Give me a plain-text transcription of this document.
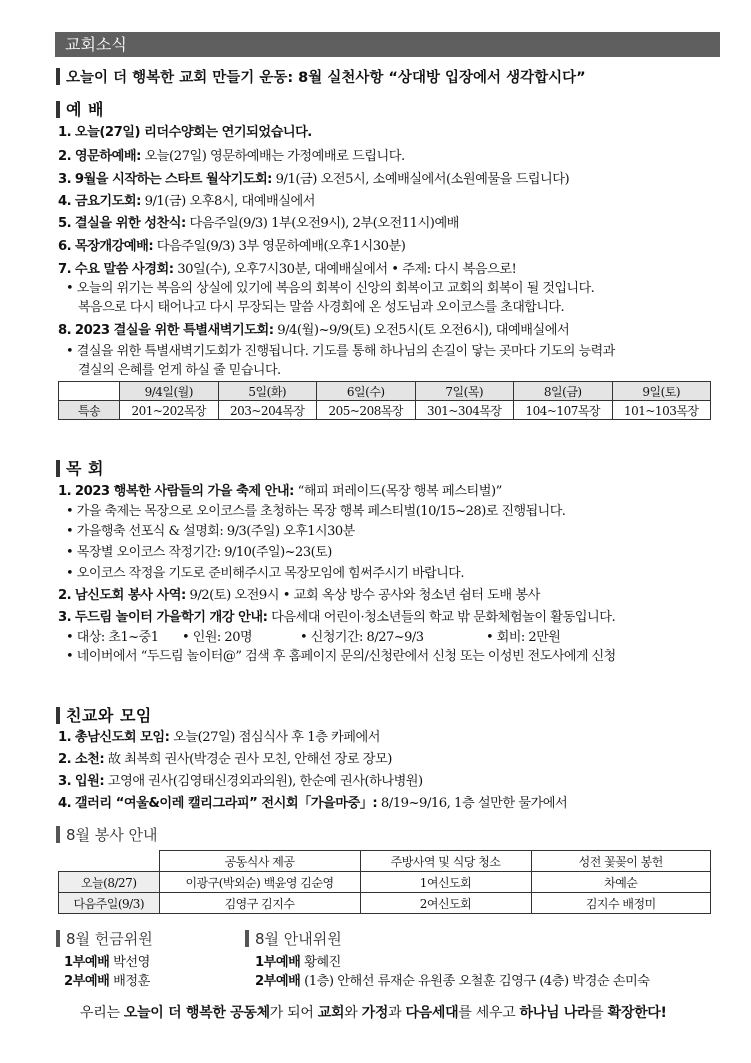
교회소식
오늘이 더 행복한 교회 만들기 운동: 8월 실천사항 “상대방 입장에서 생각합시다”
예 배
1. 오늘(27일) 리더수양회는 연기되었습니다.
2. 영문하예배: 오늘(27일) 영문하예배는 가정예배로 드립니다.
3. 9월을 시작하는 스타트 월삭기도회: 9/1(금) 오전5시, 소예배실에서(소원예물을 드립니다)
4. 금요기도회: 9/1(금) 오후8시, 대예배실에서
5. 결실을 위한 성찬식: 다음주일(9/3) 1부(오전9시), 2부(오전11시)예배
6. 목장개강예배: 다음주일(9/3) 3부 영문하예배(오후1시30분)
7. 수요 말씀 사경회: 30일(수), 오후7시30분, 대예배실에서 • 주제: 다시 복음으로!
• 오늘의 위기는 복음의 상실에 있기에 복음의 회복이 신앙의 회복이고 교회의 회복이 될 것입니다.
복음으로 다시 태어나고 다시 무장되는 말씀 사경회에 온 성도님과 오이코스를 초대합니다.
8. 2023 결실을 위한 특별새벽기도회: 9/4(월)~9/9(토) 오전5시(토 오전6시), 대예배실에서
• 결실을 위한 특별새벽기도회가 진행됩니다. 기도를 통해 하나님의 손길이 닿는 곳마다 기도의 능력과
결실의 은혜를 얻게 하실 줄 믿습니다.
	9/4일(월)	5일(화)	6일(수)	7일(목)	8일(금)	9일(토)
특송	201~202목장	203~204목장	205~208목장	301~304목장	104~107목장	101~103목장
목 회
1. 2023 행복한 사람들의 가을 축제 안내: “해피 퍼레이드(목장 행복 페스티벌)”
• 가을 축제는 목장으로 오이코스를 초청하는 목장 행복 페스티벌(10/15~28)로 진행됩니다.
• 가을행축 선포식 & 설명회: 9/3(주일) 오후1시30분
• 목장별 오이코스 작정기간: 9/10(주일)~23(토)
• 오이코스 작정을 기도로 준비해주시고 목장모임에 힘써주시기 바랍니다.
2. 남신도회 봉사 사역: 9/2(토) 오전9시 • 교회 옥상 방수 공사와 청소년 쉼터 도배 봉사
3. 두드림 놀이터 가을학기 개강 안내: 다음세대 어린이·청소년들의 학교 밖 문화체험놀이 활동입니다.
• 대상: 초1~중1 • 인원: 20명	• 신청기간: 8/27~9/3	• 회비: 2만원
• 네이버에서 “두드림 놀이터@” 검색 후 홈페이지 문의/신청란에서 신청 또는 이성빈 전도사에게 신청
친교와 모임
1. 총남신도회 모임: 오늘(27일) 점심식사 후 1층 카페에서
2. 소천: 故 최복희 권사(박경순 권사 모친, 안해선 장로 장모)
3. 입원: 고영애 권사(김영태신경외과의원), 한순예 권사(하나병원)
4. 갤러리 “여울&이레 캘리그라피” 전시회「가을마중」: 8/19~9/16, 1층 설만한 물가에서
8월 봉사 안내
	공동식사 제공	주방사역 및 식당 청소	성전 꽃꽂이 봉헌
오늘(8/27)	이광구(박외순) 백윤영 김순영	1여신도회	차예순
다음주일(9/3)	김영구 김지수	2여신도회	김지수 배정미
8월 헌금위원
1부예배 박선영
2부예배 배정훈
8월 안내위원
1부예배 황혜진
2부예배 (1층) 안해선 류재순 유원종 오철훈 김영구 (4층) 박경순 손미숙
우리는 오늘이 더 행복한 공동체가 되어 교회와 가정과 다음세대를 세우고 하나님 나라를 확장한다!
